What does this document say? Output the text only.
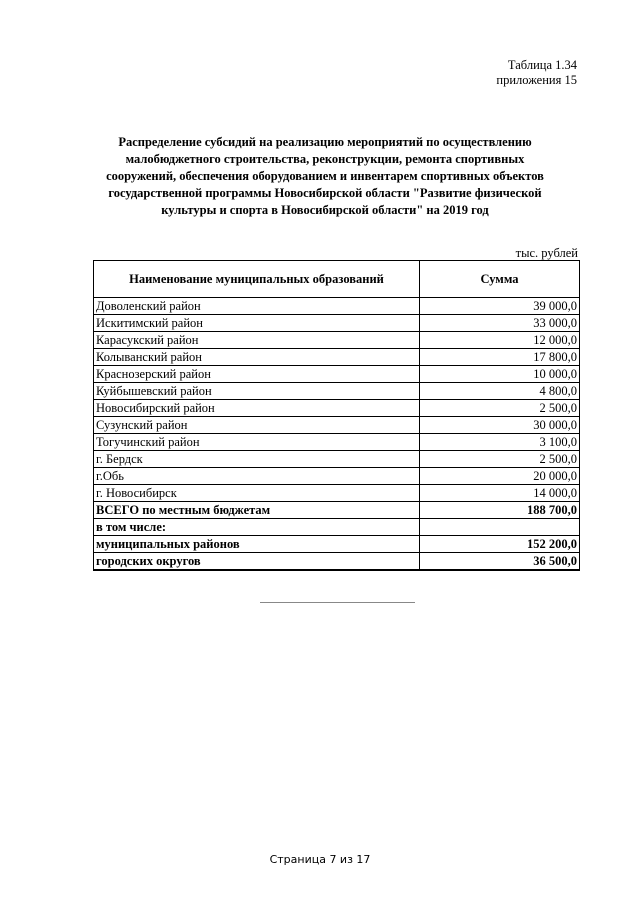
Таблица 1.34
приложения 15
Распределение субсидий на реализацию мероприятий по осуществлению
малобюджетного строительства, реконструкции, ремонта спортивных
сооружений, обеспечения оборудованием и инвентарем спортивных объектов
государственной программы Новосибирской области "Развитие физической
культуры и спорта в Новосибирской области" на 2019 год
тыс. рублей
Наименование муниципальных образований	Сумма
Доволенский район	39 000,0
Искитимский район	33 000,0
Карасукский район	12 000,0
Колыванский район	17 800,0
Краснозерский район	10 000,0
Куйбышевский район	4 800,0
Новосибирский район	2 500,0
Сузунский район	30 000,0
Тогучинский район	3 100,0
г. Бердск	2 500,0
г.Обь	20 000,0
г. Новосибирск	14 000,0
ВСЕГО по местным бюджетам	188 700,0
в том числе:	
муниципальных районов	152 200,0
городских округов	36 500,0
Страница 7 из 17
